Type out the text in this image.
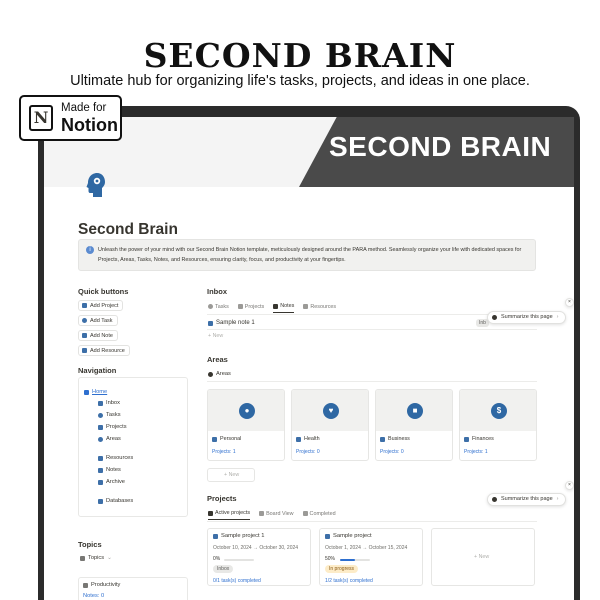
SECOND BRAIN
Ultimate hub for organizing life's tasks, projects, and ideas in one place.
N	Made for
Notion
SECOND BRAIN
Second Brain
i	Unleash the power of your mind with our Second Brain Notion template, meticulously designed around the PARA method. Seamlessly organize your life with dedicated spaces for Projects, Areas, Tasks, Notes, and Resources, ensuring clarity, focus, and productivity at your fingertips.
Quick buttons
Add Project
Add Task
Add Note
Add Resource
Navigation
Home
Inbox
Tasks
Projects
Areas
Resources
Notes
Archive
Databases
Topics
Topics ⌄
Productivity
Notes: 0
Inbox
Tasks	Projects	Notes	Resources
Sample note 1	Inb
+ New
Summarize this page ›
×
Areas
Areas
●
Personal
Projects: 1
♥
Health
Projects: 0
■
Business
Projects: 0
$
Finances
Projects: 1
+ New
Projects
Active projects	Board View	Completed
Summarize this page ›
×
Sample project 1
October 10, 2024 → October 30, 2024
0%
Inbox
0/1 task(s) completed
Sample project
October 1, 2024 → October 15, 2024
50%
In progress
1/2 task(s) completed
+ New
